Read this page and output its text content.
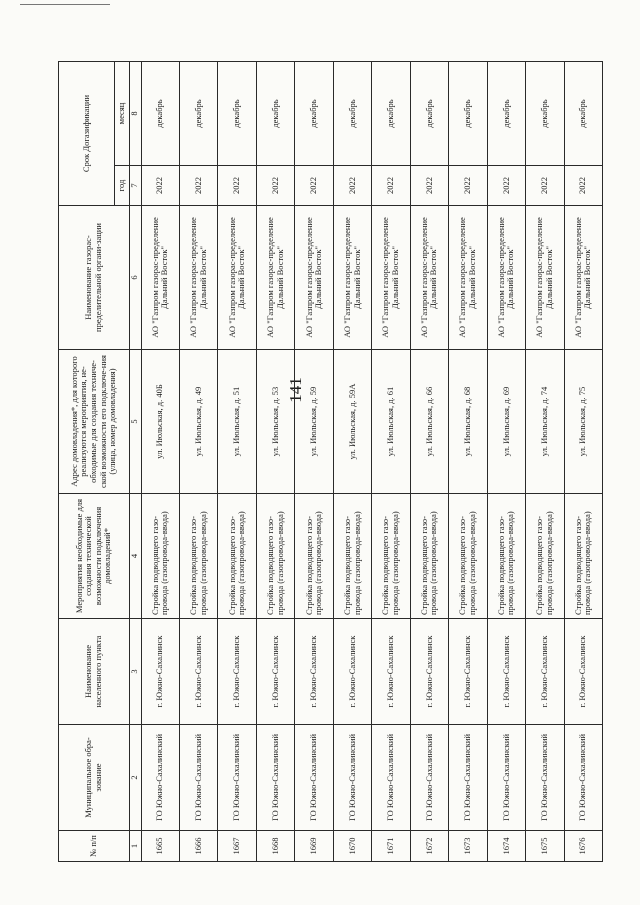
141
№ п/п	Муниципальное обра-зование	Наименование населенного пункта	Мероприятия необходимые для создания технической возможности подключения домовладений*	Адрес домовладения*, для которого реализуются мероприятия, не-обходимые для создания техниче-ской возможности его подключе-ния (улица, номер домовладения)	Наименование газорас-пределительной органи-зации	Срок Догазификации	
						год	месяц
1	2	3	4	5	6	7	8
1665	ГО Южно-Сахалинский	г. Южно-Сахалинск	Стройка подводящего газо-провода (газопровода-ввода)	ул. Июльская, д. 40Б	АО "Газпром газорас-пределение Дальний Восток"	2022	декабрь
1666	ГО Южно-Сахалинский	г. Южно-Сахалинск	Стройка подводящего газо-провода (газопровода-ввода)	ул. Июльская, д. 49	АО "Газпром газорас-пределение Дальний Восток"	2022	декабрь
1667	ГО Южно-Сахалинский	г. Южно-Сахалинск	Стройка подводящего газо-провода (газопровода-ввода)	ул. Июльская, д. 51	АО "Газпром газорас-пределение Дальний Восток"	2022	декабрь
1668	ГО Южно-Сахалинский	г. Южно-Сахалинск	Стройка подводящего газо-провода (газопровода-ввода)	ул. Июльская, д. 53	АО "Газпром газорас-пределение Дальний Восток"	2022	декабрь
1669	ГО Южно-Сахалинский	г. Южно-Сахалинск	Стройка подводящего газо-провода (газопровода-ввода)	ул. Июльская, д. 59	АО "Газпром газорас-пределение Дальний Восток"	2022	декабрь
1670	ГО Южно-Сахалинский	г. Южно-Сахалинск	Стройка подводящего газо-провода (газопровода-ввода)	ул. Июльская, д. 59А	АО "Газпром газорас-пределение Дальний Восток"	2022	декабрь
1671	ГО Южно-Сахалинский	г. Южно-Сахалинск	Стройка подводящего газо-провода (газопровода-ввода)	ул. Июльская, д. 61	АО "Газпром газорас-пределение Дальний Восток"	2022	декабрь
1672	ГО Южно-Сахалинский	г. Южно-Сахалинск	Стройка подводящего газо-провода (газопровода-ввода)	ул. Июльская, д. 66	АО "Газпром газорас-пределение Дальний Восток"	2022	декабрь
1673	ГО Южно-Сахалинский	г. Южно-Сахалинск	Стройка подводящего газо-провода (газопровода-ввода)	ул. Июльская, д. 68	АО "Газпром газорас-пределение Дальний Восток"	2022	декабрь
1674	ГО Южно-Сахалинский	г. Южно-Сахалинск	Стройка подводящего газо-провода (газопровода-ввода)	ул. Июльская, д. 69	АО "Газпром газорас-пределение Дальний Восток"	2022	декабрь
1675	ГО Южно-Сахалинский	г. Южно-Сахалинск	Стройка подводящего газо-провода (газопровода-ввода)	ул. Июльская, д. 74	АО "Газпром газорас-пределение Дальний Восток"	2022	декабрь
1676	ГО Южно-Сахалинский	г. Южно-Сахалинск	Стройка подводящего газо-провода (газопровода-ввода)	ул. Июльская, д. 75	АО "Газпром газорас-пределение Дальний Восток"	2022	декабрь
